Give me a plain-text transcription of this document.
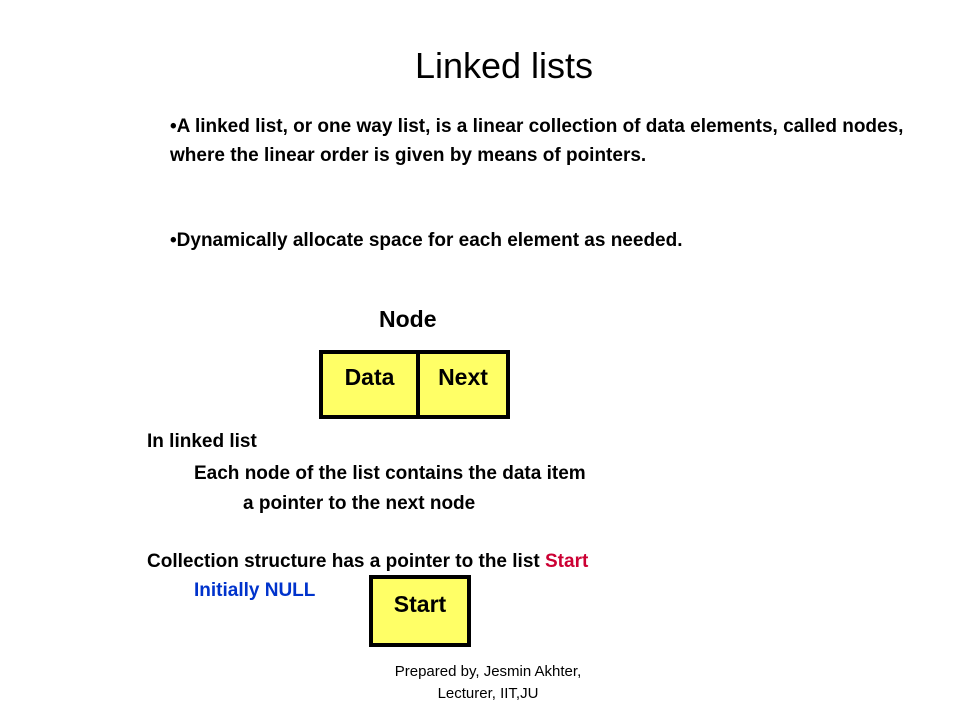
Linked lists
•A linked list, or one way list, is a linear collection of data elements, called nodes, where the linear order is given by means of pointers.
•Dynamically allocate space for each element as needed.
Node
Data	Next
In linked list
Each node of the list contains the data item
a pointer to the next node
Collection structure has a pointer to the list Start
Initially NULL
Start
Prepared by, Jesmin Akhter,
Lecturer, IIT,JU
